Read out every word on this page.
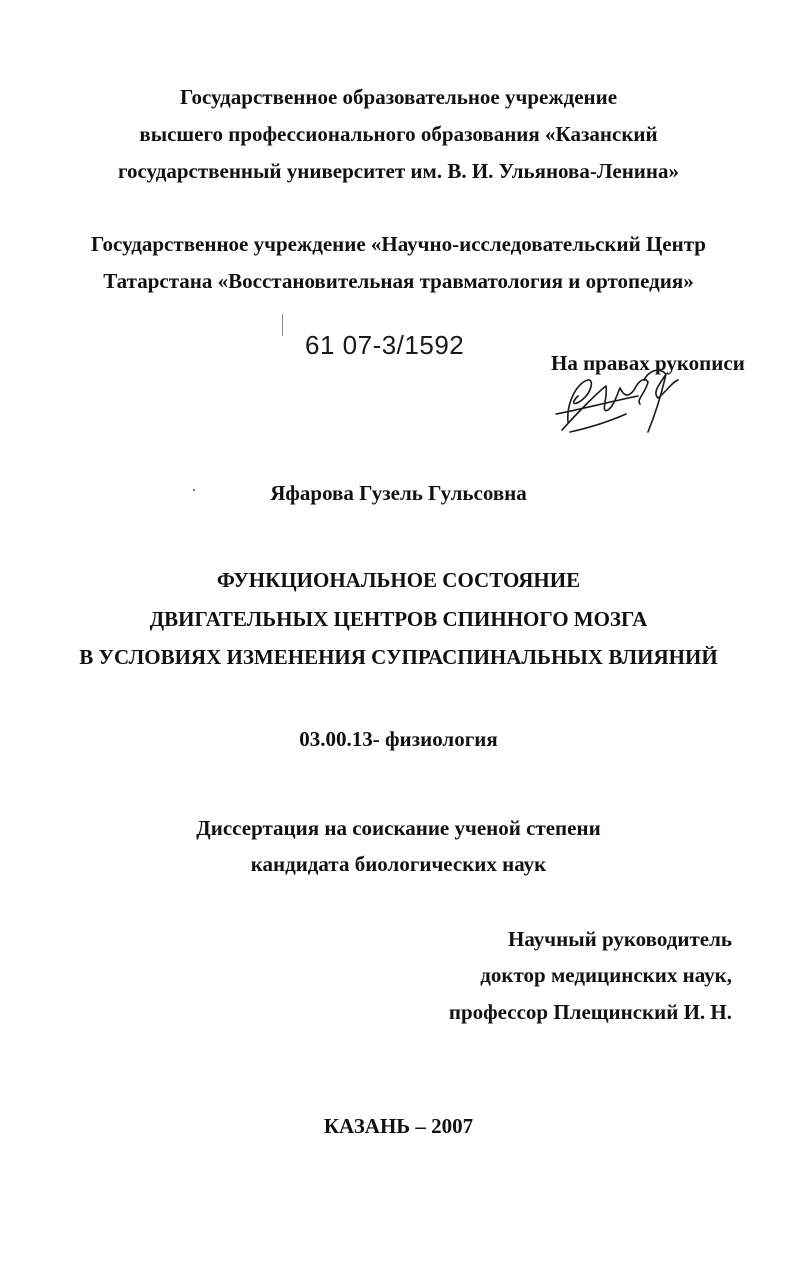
Государственное образовательное учреждение
высшего профессионального образования «Казанский
государственный университет им. В. И. Ульянова-Ленина»
Государственное учреждение «Научно-исследовательский Центр
Татарстана «Восстановительная травматология и ортопедия»
61 07-3/1592
На правах рукописи
Яфарова Гузель Гульсовна
ФУНКЦИОНАЛЬНОЕ СОСТОЯНИЕ
ДВИГАТЕЛЬНЫХ ЦЕНТРОВ СПИННОГО МОЗГА
В УСЛОВИЯХ ИЗМЕНЕНИЯ СУПРАСПИНАЛЬНЫХ ВЛИЯНИЙ
03.00.13- физиология
Диссертация на соискание ученой степени
кандидата биологических наук
Научный руководитель
доктор медицинских наук,
профессор Плещинский И. Н.
КАЗАНЬ – 2007
